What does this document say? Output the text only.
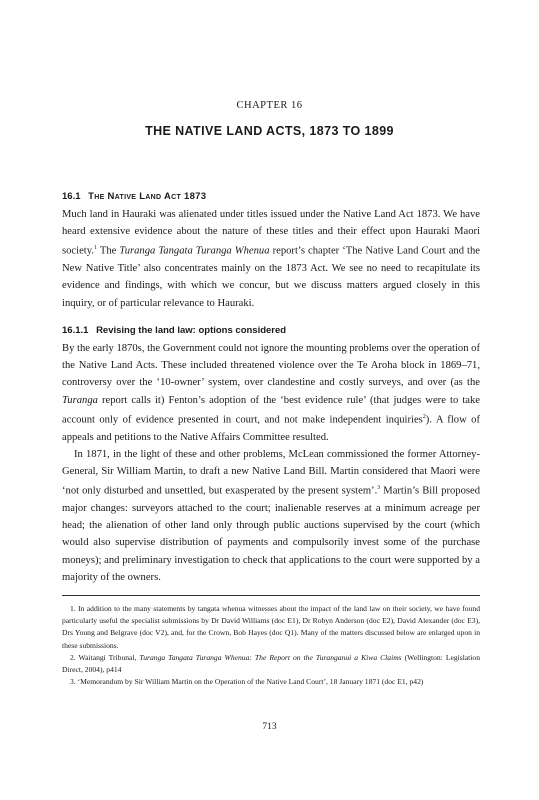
CHAPTER 16
THE NATIVE LAND ACTS, 1873 TO 1899
16.1 The Native Land Act 1873

Much land in Hauraki was alienated under titles issued under the Native Land Act 1873. We have heard extensive evidence about the nature of these titles and their effect upon Hauraki Maori society.$^1$ The Turanga Tangata Turanga Whenua report’s chapter ‘The Native Land Court and the New Native Title’ also concentrates mainly on the 1873 Act. We see no need to recapitulate its evidence and findings, with which we concur, but we discuss matters argued closely in this inquiry, or of particular relevance to Hauraki.

16.1.1 Revising the land law: options considered

By the early 1870s, the Government could not ignore the mounting problems over the operation of the Native Land Acts. These included threatened violence over the Te Aroha block in 1869–71, controversy over the ‘10-owner’ system, over clandestine and costly surveys, and over (as the Turanga report calls it) Fenton’s adoption of the ‘best evidence rule’ (that judges were to take account only of evidence presented in court, and not make independent inquiries$^2$). A flow of appeals and petitions to the Native Affairs Committee resulted.

In 1871, in the light of these and other problems, McLean commissioned the former Attorney-General, Sir William Martin, to draft a new Native Land Bill. Martin considered that Maori were ‘not only disturbed and unsettled, but exasperated by the present system’.$^3$ Martin’s Bill proposed major changes: surveyors attached to the court; inalienable reserves at a minimum acreage per head; the alienation of other land only through public auctions supervised by the court (which would also supervise distribution of payments and compulsorily invest some of the purchase moneys); and preliminary investigation to check that applications to the court were supported by a majority of the owners.

1. In addition to the many statements by tangata whenua witnesses about the impact of the land law on their society, we have found particularly useful the specialist submissions by Dr David Williams (doc E1), Dr Robyn Anderson (doc E2), David Alexander (doc E3), Drs Young and Belgrave (doc V2), and, for the Crown, Bob Hayes (doc Q1). Many of the matters discussed below are enlarged upon in these submissions.

2. Waitangi Tribunal, Turanga Tangata Turanga Whenua: The Report on the Turanganui a Kiwa Claims (Wellington: Legislation Direct, 2004), p414

3. ‘Memorandum by Sir William Martin on the Operation of the Native Land Court’, 18 January 1871 (doc E1, p42)

713
